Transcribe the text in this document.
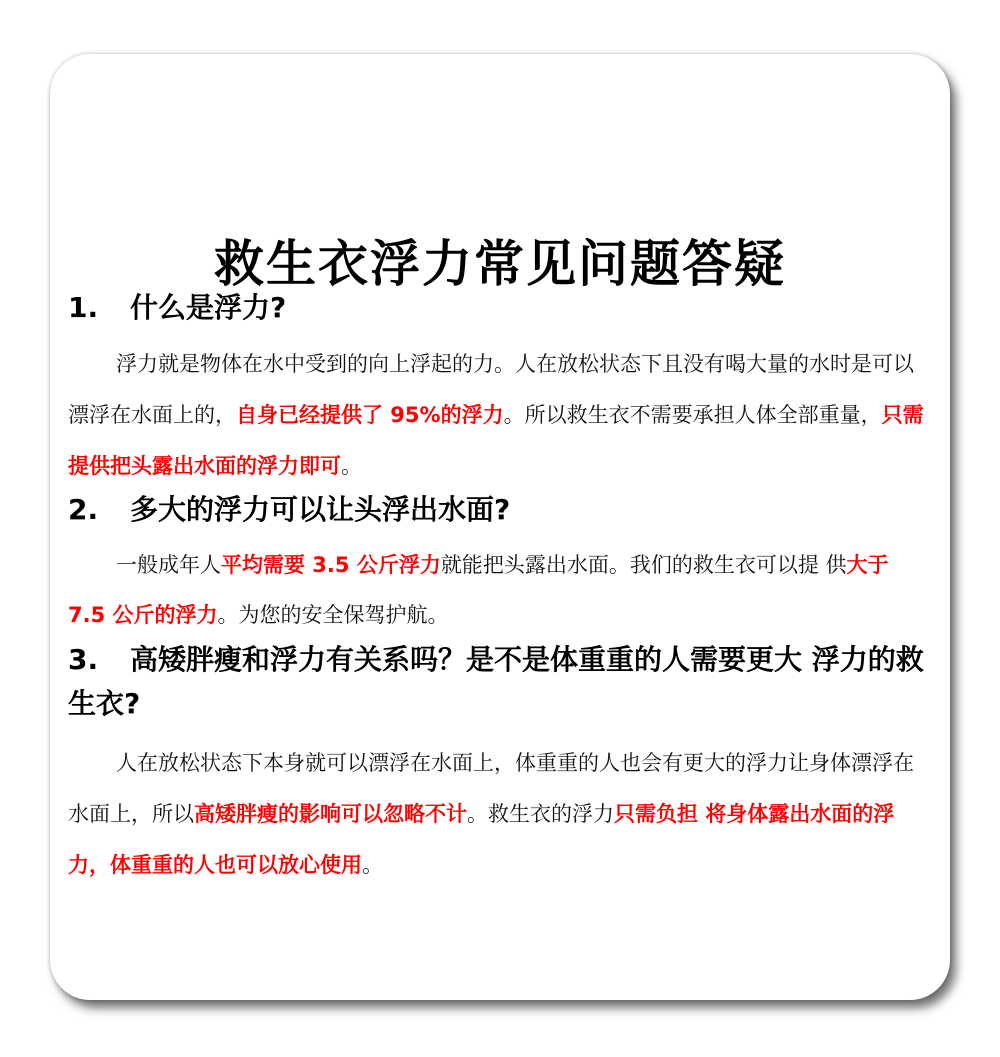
救生衣浮力常见问题答疑
1. 什么是浮力?

浮力就是物体在水中受到的向上浮起的力。人在放松状态下且没有喝大量的水时是可以漂浮在水面上的，自身已经提供了 95%的浮力。所以救生衣不需要承担人体全部重量，只需提供把头露出水面的浮力即可。

2. 多大的浮力可以让头浮出水面?

一般成年人平均需要 3.5 公斤浮力就能把头露出水面。我们的救生衣可以提 供大于 7.5 公斤的浮力。为您的安全保驾护航。

3. 高矮胖瘦和浮力有关系吗？是不是体重重的人需要更大 浮力的救生衣?

人在放松状态下本身就可以漂浮在水面上，体重重的人也会有更大的浮力让身体漂浮在水面上，所以高矮胖瘦的影响可以忽略不计。救生衣的浮力只需负担 将身体露出水面的浮力，体重重的人也可以放心使用。
